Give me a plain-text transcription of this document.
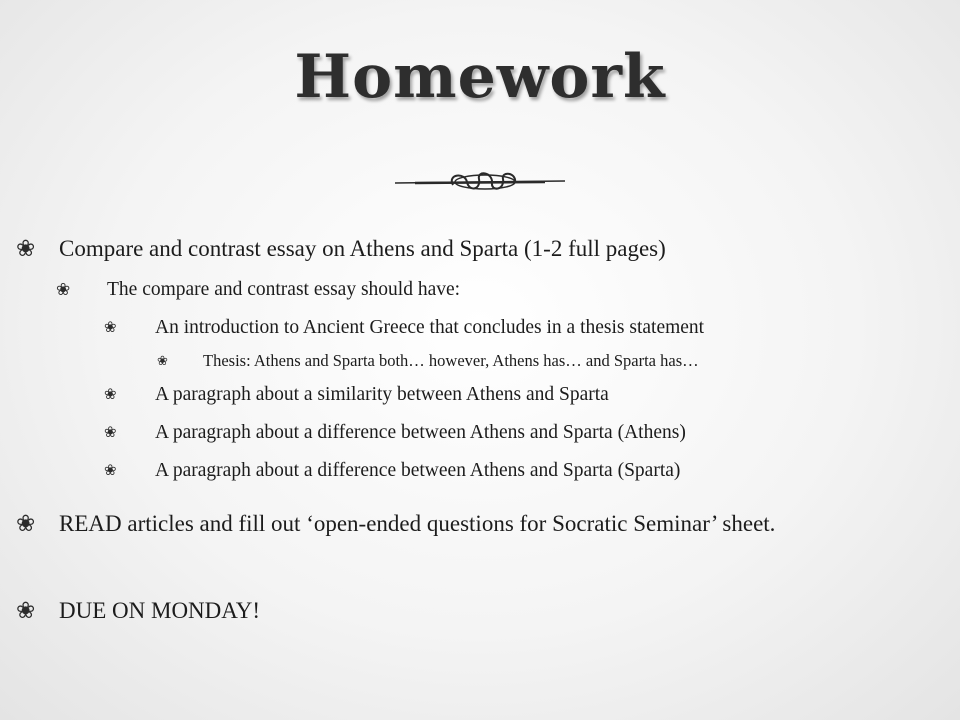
Homework
❀ Compare and contrast essay on Athens and Sparta (1-2 full pages)
❀ The compare and contrast essay should have:
❀ An introduction to Ancient Greece that concludes in a thesis statement
❀ Thesis: Athens and Sparta both… however, Athens has… and Sparta has…
❀ A paragraph about a similarity between Athens and Sparta
❀ A paragraph about a difference between Athens and Sparta (Athens)
❀ A paragraph about a difference between Athens and Sparta (Sparta)
❀ READ articles and fill out ‘open-ended questions for Socratic Seminar’ sheet.
❀ DUE ON MONDAY!
